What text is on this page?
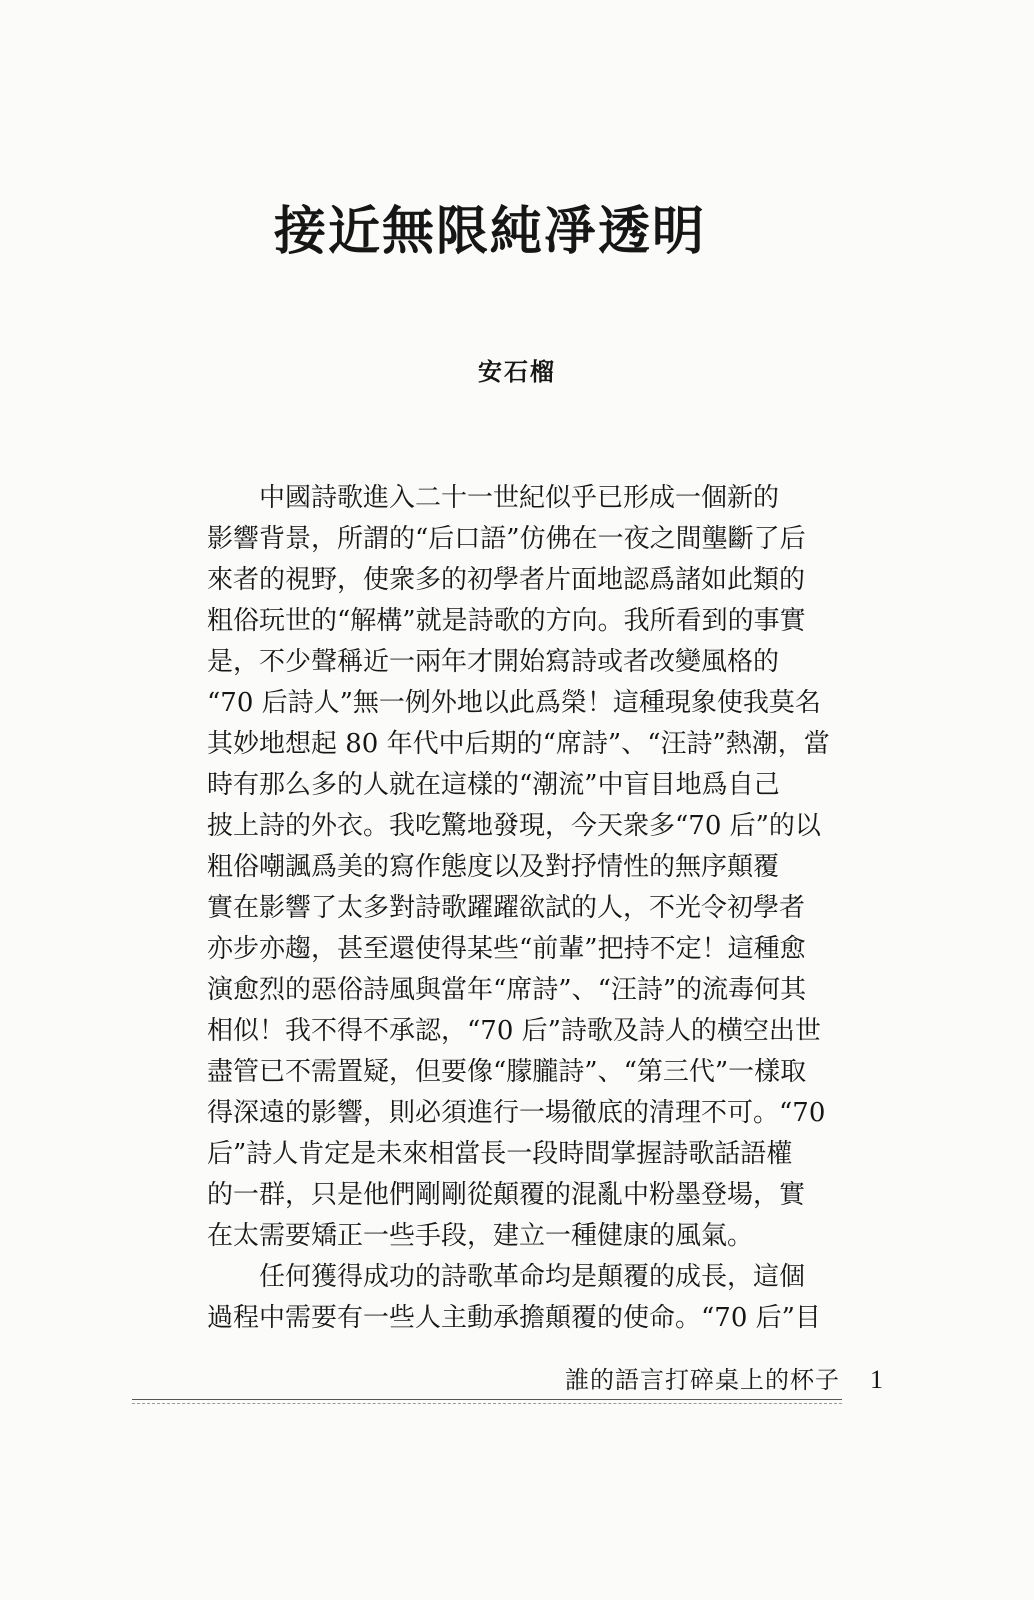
接近無限純凈透明
安石榴
　　中國詩歌進入二十一世紀似乎已形成一個新的
影響背景，所謂的“后口語”仿佛在一夜之間壟斷了后
來者的視野，使衆多的初學者片面地認爲諸如此類的
粗俗玩世的“解構”就是詩歌的方向。我所看到的事實
是，不少聲稱近一兩年才開始寫詩或者改變風格的
“70 后詩人”無一例外地以此爲榮！這種現象使我莫名
其妙地想起 80 年代中后期的“席詩”、“汪詩”熱潮，當
時有那么多的人就在這樣的“潮流”中盲目地爲自己
披上詩的外衣。我吃驚地發現，今天衆多“70 后”的以
粗俗嘲諷爲美的寫作態度以及對抒情性的無序顛覆
實在影響了太多對詩歌躍躍欲試的人，不光令初學者
亦步亦趨，甚至還使得某些“前輩”把持不定！這種愈
演愈烈的惡俗詩風與當年“席詩”、“汪詩”的流毒何其
相似！我不得不承認，“70 后”詩歌及詩人的横空出世
盡管已不需置疑，但要像“朦朧詩”、“第三代”一樣取
得深遠的影響，則必須進行一場徹底的清理不可。“70
后”詩人肯定是未來相當長一段時間掌握詩歌話語權
的一群，只是他們剛剛從顛覆的混亂中粉墨登場，實
在太需要矯正一些手段，建立一種健康的風氣。
　　任何獲得成功的詩歌革命均是顛覆的成長，這個
過程中需要有一些人主動承擔顛覆的使命。“70 后”目
誰的語言打碎桌上的杯子 1
